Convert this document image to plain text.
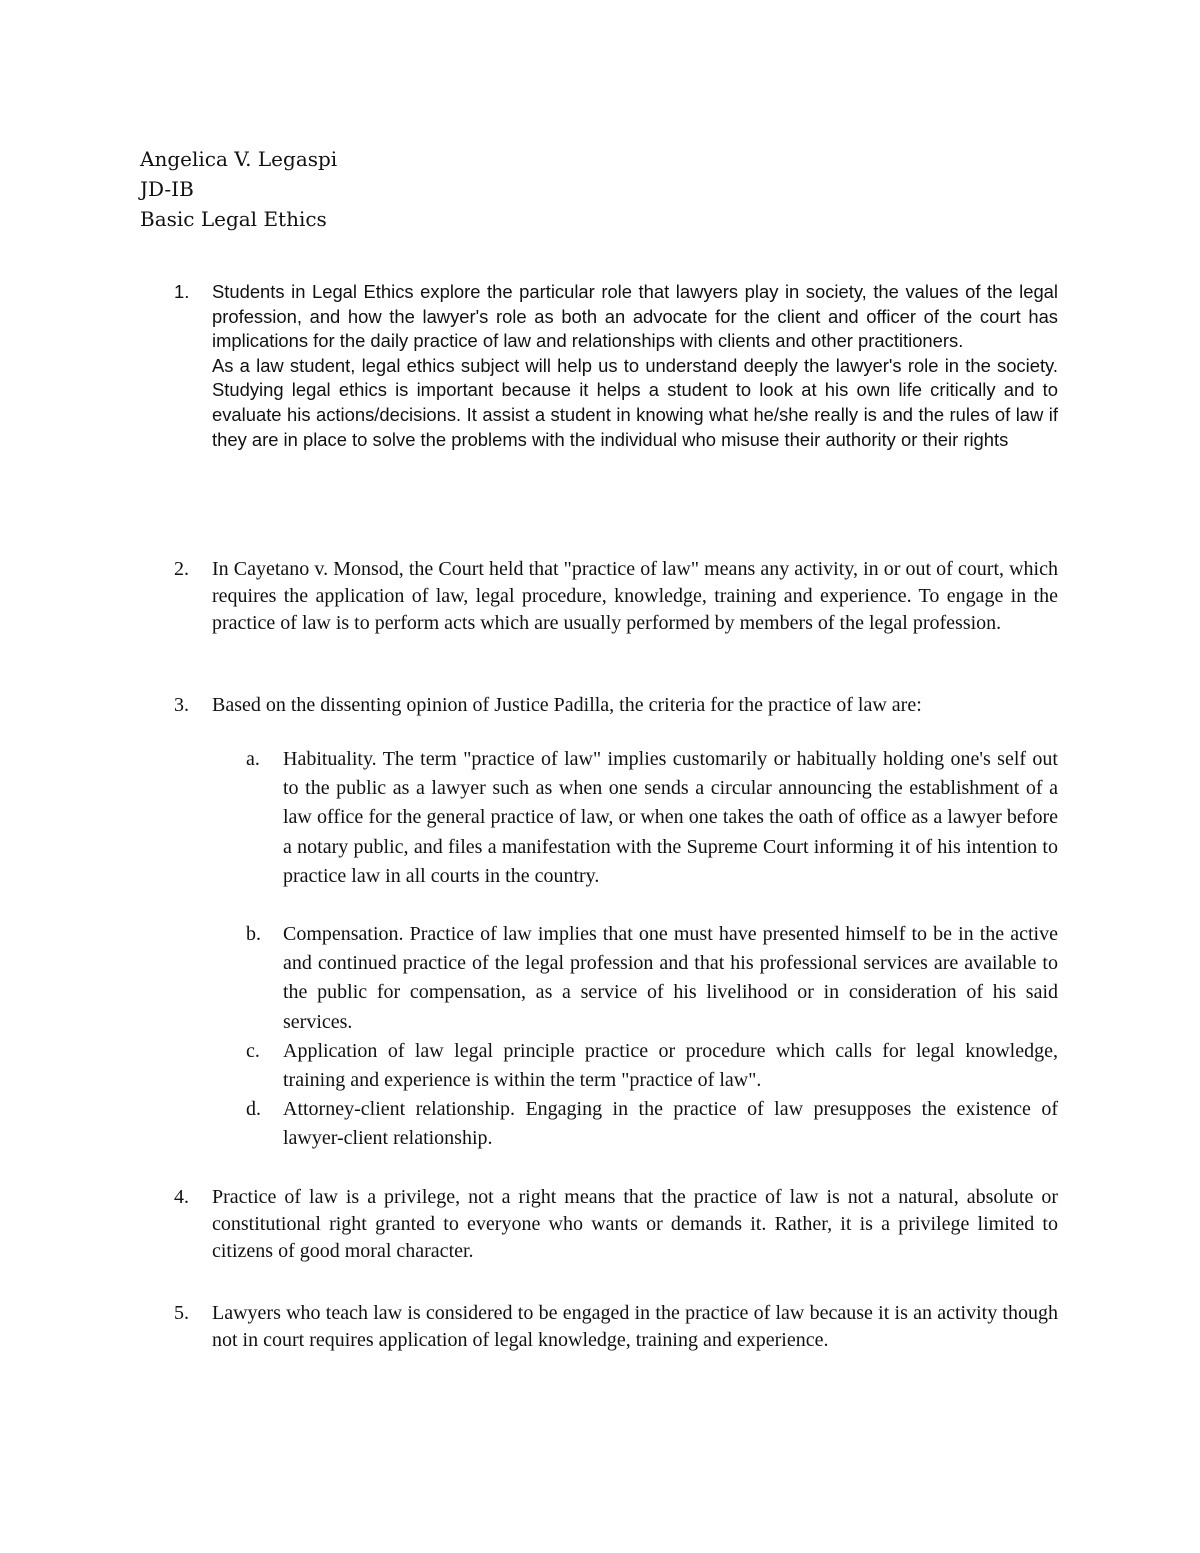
Angelica V. Legaspi
JD-IB
Basic Legal Ethics
1. Students in Legal Ethics explore the particular role that lawyers play in society, the values of the legal profession, and how the lawyer's role as both an advocate for the client and officer of the court has implications for the daily practice of law and relationships with clients and other practitioners.

As a law student, legal ethics subject will help us to understand deeply the lawyer's role in the society. Studying legal ethics is important because it helps a student to look at his own life critically and to evaluate his actions/decisions. It assist a student in knowing what he/she really is and the rules of law if they are in place to solve the problems with the individual who misuse their authority or their rights

2. In Cayetano v. Monsod, the Court held that "practice of law" means any activity, in or out of court, which requires the application of law, legal procedure, knowledge, training and experience. To engage in the practice of law is to perform acts which are usually performed by members of the legal profession.
3. Based on the dissenting opinion of Justice Padilla, the criteria for the practice of law are:
a. Habituality. The term "practice of law" implies customarily or habitually holding one's self out to the public as a lawyer such as when one sends a circular announcing the establishment of a law office for the general practice of law, or when one takes the oath of office as a lawyer before a notary public, and files a manifestation with the Supreme Court informing it of his intention to practice law in all courts in the country.
b. Compensation. Practice of law implies that one must have presented himself to be in the active and continued practice of the legal profession and that his professional services are available to the public for compensation, as a service of his livelihood or in consideration of his said services.
c. Application of law legal principle practice or procedure which calls for legal knowledge, training and experience is within the term "practice of law".
d. Attorney-client relationship. Engaging in the practice of law presupposes the existence of lawyer-client relationship.
4. Practice of law is a privilege, not a right means that the practice of law is not a natural, absolute or constitutional right granted to everyone who wants or demands it. Rather, it is a privilege limited to citizens of good moral character.
5. Lawyers who teach law is considered to be engaged in the practice of law because it is an activity though not in court requires application of legal knowledge, training and experience.
